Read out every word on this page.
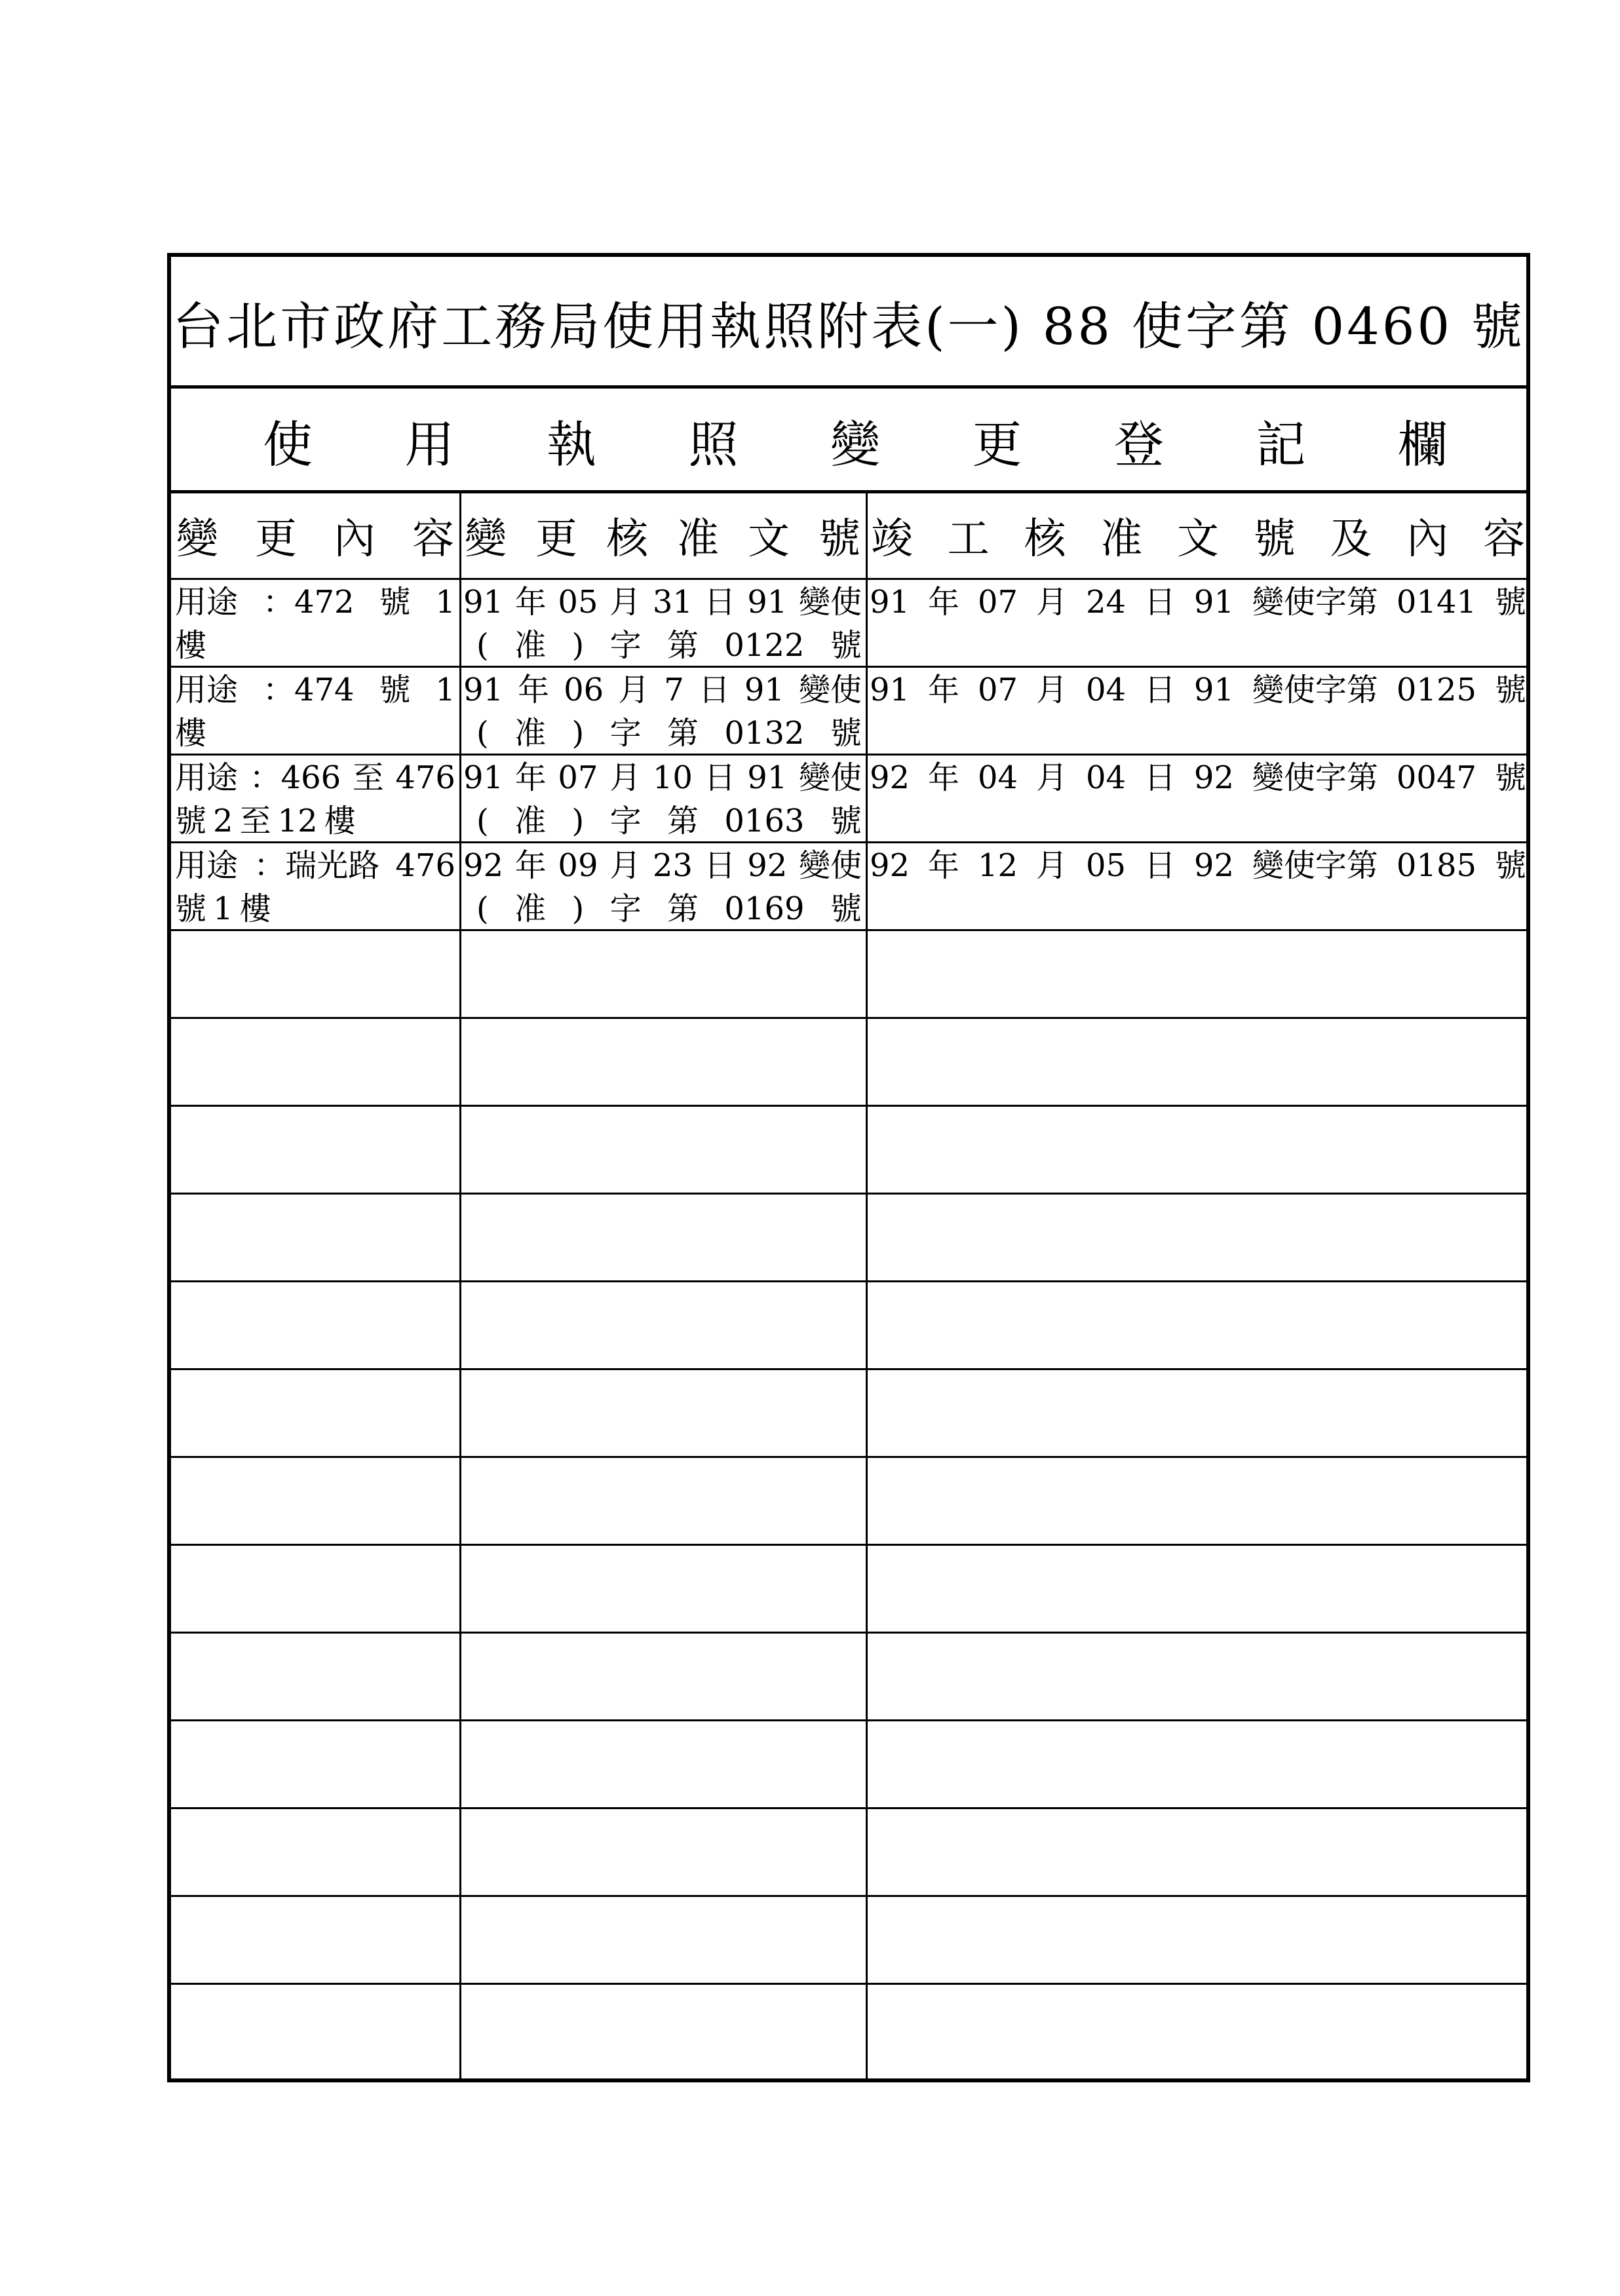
台北市政府工務局使用執照附表(一) 88 使字第 0460 號
使 用 執 照 變 更 登 記 欄
變 更 內 容 變 更 核 准 文 號 竣 工 核 准 文 號 及 內 容
用途 ：472 號 1
樓
91 年 05 月 31 日 91 變使
( 准 ) 字 第 0122 號
91 年 07 月 24 日 91 變使字第 0141 號
用途 ：474 號 1
樓
91 年 06 月 7 日 91 變使
( 准 ) 字 第 0132 號
91 年 07 月 04 日 91 變使字第 0125 號
用途 ：466 至 476
號 2 至 12 樓
91 年 07 月 10 日 91 變使
( 准 ) 字 第 0163 號
92 年 04 月 04 日 92 變使字第 0047 號
用途 ：瑞光路 476
號 1 樓
92 年 09 月 23 日 92 變使
( 准 ) 字 第 0169 號
92 年 12 月 05 日 92 變使字第 0185 號
